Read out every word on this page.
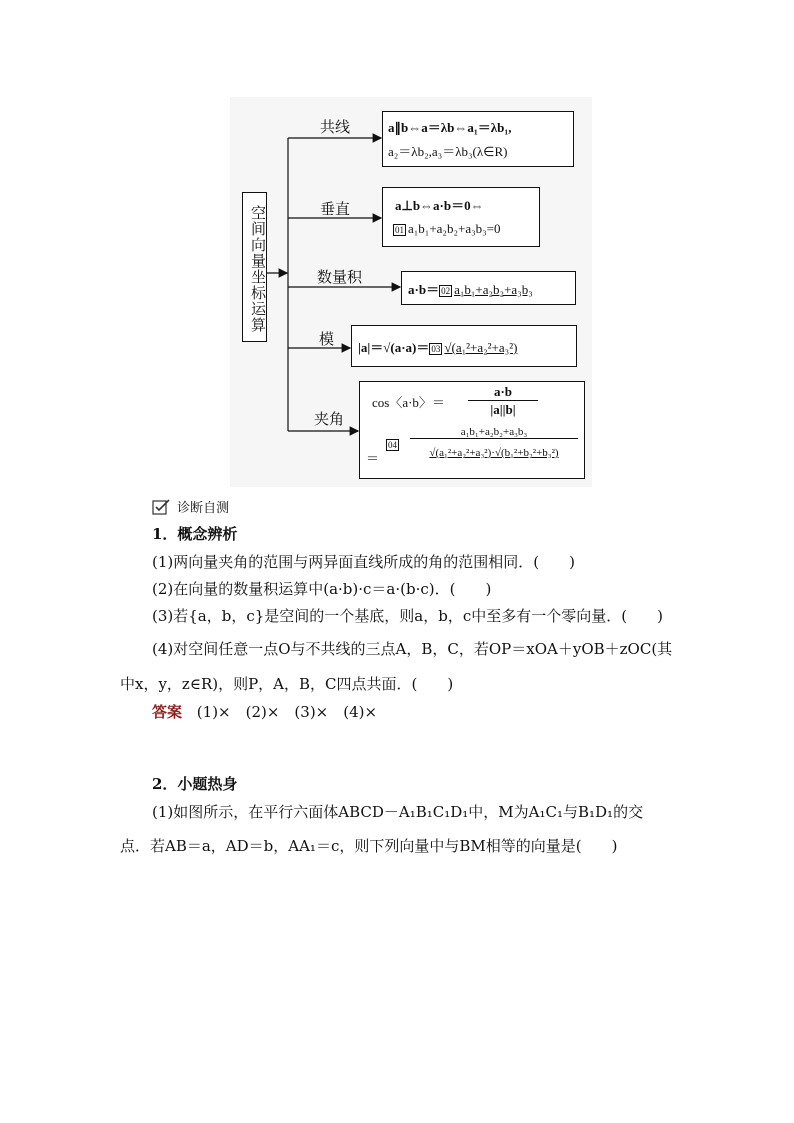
空间向量坐标运算
共线
垂直
数量积
模
夹角
a∥b⇔a＝λb⇔a₁＝λb₁,
a₂＝λb₂,a₃＝λb₃(λ∈R)
a⊥b⇔a·b＝0⇔
01 a₁b₁+a₂b₂+a₃b₃=0
a·b＝ 02 a₁b₁+a₂b₂+a₃b₃
|a|＝√(a·a)＝ 03 √(a₁²+a₂²+a₃²)
cos〈a·b〉＝
a·b
|a||b|
＝
04
a₁b₁+a₂b₂+a₃b₃
√(a₁²+a₂²+a₃²)·√(b₁²+b₂²+b₃²)
诊断自测
1．概念辨析
(1)两向量夹角的范围与两异面直线所成的角的范围相同．(　　)
(2)在向量的数量积运算中(a·b)·c＝a·(b·c)．(　　)
(3)若{a，b，c}是空间的一个基底，则a，b，c中至多有一个零向量．(　　)
(4)对空间任意一点O与不共线的三点A，B，C，若OP＝xOA＋yOB＋zOC(其
中x，y，z∈R)，则P，A，B，C四点共面．(　　)
答案 (1)×　(2)×　(3)×　(4)×
2．小题热身
(1)如图所示，在平行六面体ABCD－A₁B₁C₁D₁中，M为A₁C₁与B₁D₁的交
点．若AB＝a，AD＝b，AA₁＝c，则下列向量中与BM相等的向量是(　　)
